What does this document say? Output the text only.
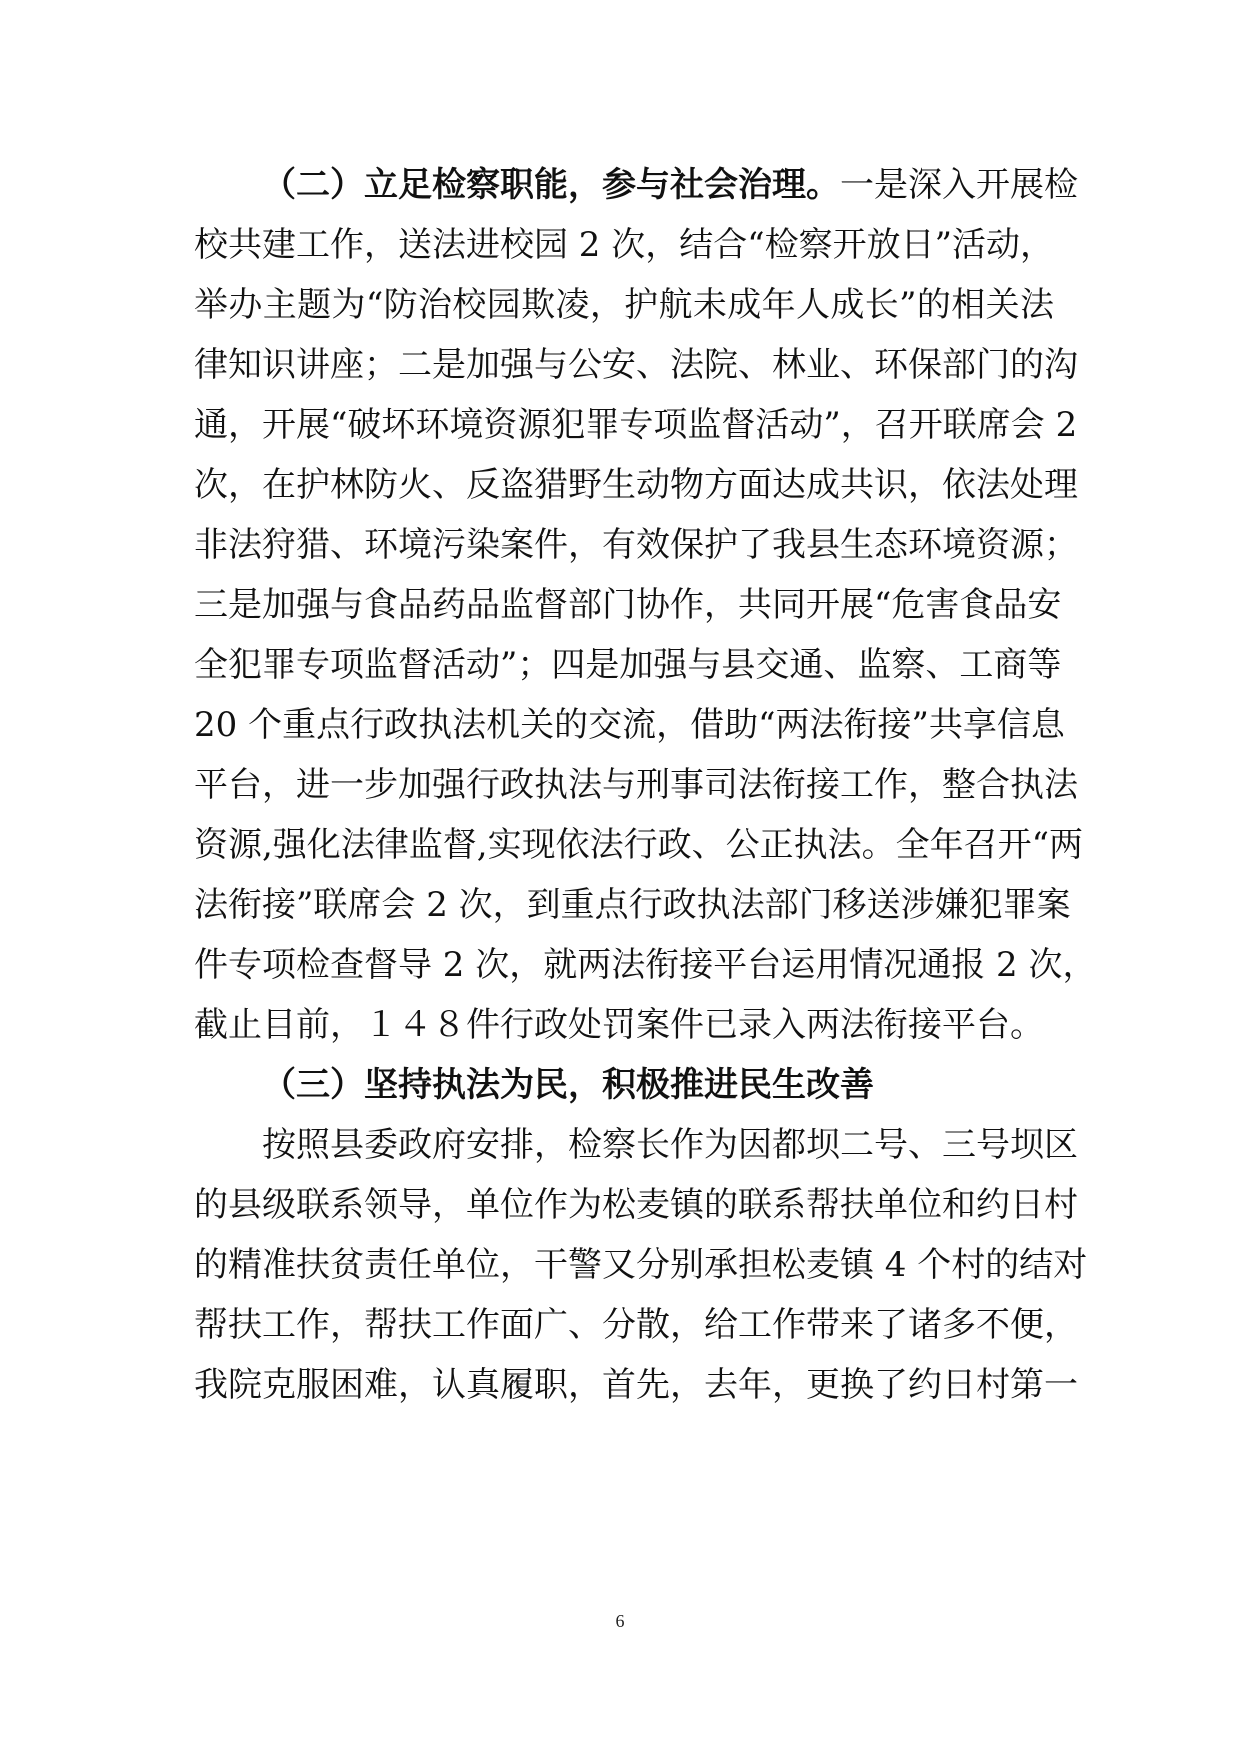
（二）立足检察职能，参与社会治理。一是深入开展检
校共建工作，送法进校园 2 次，结合“检察开放日”活动，
举办主题为“防治校园欺凌，护航未成年人成长”的相关法
律知识讲座；二是加强与公安、法院、林业、环保部门的沟
通，开展“破坏环境资源犯罪专项监督活动”，召开联席会 2
次，在护林防火、反盗猎野生动物方面达成共识，依法处理
非法狩猎、环境污染案件，有效保护了我县生态环境资源；
三是加强与食品药品监督部门协作，共同开展“危害食品安
全犯罪专项监督活动”；四是加强与县交通、监察、工商等
20 个重点行政执法机关的交流，借助“两法衔接”共享信息
平台，进一步加强行政执法与刑事司法衔接工作，整合执法
资源,强化法律监督,实现依法行政、公正执法。全年召开“两
法衔接”联席会 2 次，到重点行政执法部门移送涉嫌犯罪案
件专项检查督导 2 次，就两法衔接平台运用情况通报 2 次，
截止目前，１４８件行政处罚案件已录入两法衔接平台。
（三）坚持执法为民，积极推进民生改善
按照县委政府安排，检察长作为因都坝二号、三号坝区
的县级联系领导，单位作为松麦镇的联系帮扶单位和约日村
的精准扶贫责任单位，干警又分别承担松麦镇 4 个村的结对
帮扶工作，帮扶工作面广、分散，给工作带来了诸多不便，
我院克服困难，认真履职，首先，去年，更换了约日村第一
6
